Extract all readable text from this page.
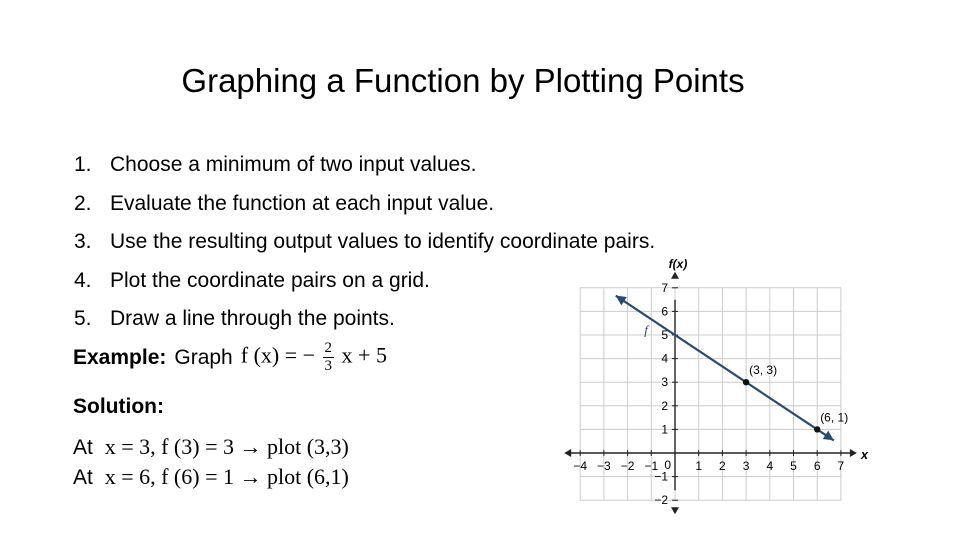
Graphing a Function by Plotting Points
1. Choose a minimum of two input values.
2. Evaluate the function at each input value.
3. Use the resulting output values to identify coordinate pairs.
4. Plot the coordinate pairs on a grid.
5. Draw a line through the points.
Example: Graph f (x) = − $\frac{2}{3}$ x + 5
Solution:
At x = 3, f (3) = 3 → plot (3,3)
At x = 6, f (6) = 1 → plot (6,1)	−4 −3 −2 −1	1 2 3 4 5 6 7
−2
−1
1
2
3
4
5
6
7
0
x
f(x)
f
(3, 3)
(6, 1)
